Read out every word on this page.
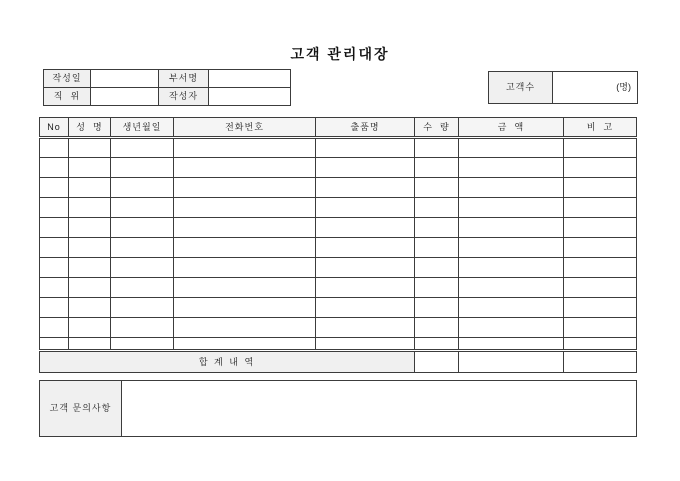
고객 관리대장
작성일		부서명	
직  위		작성자	
고객수	(명)
No	성  명	생년월일	전화번호	출품명	수  량	금  액	비  고

합 계 내 역							
고객 문의사항	
